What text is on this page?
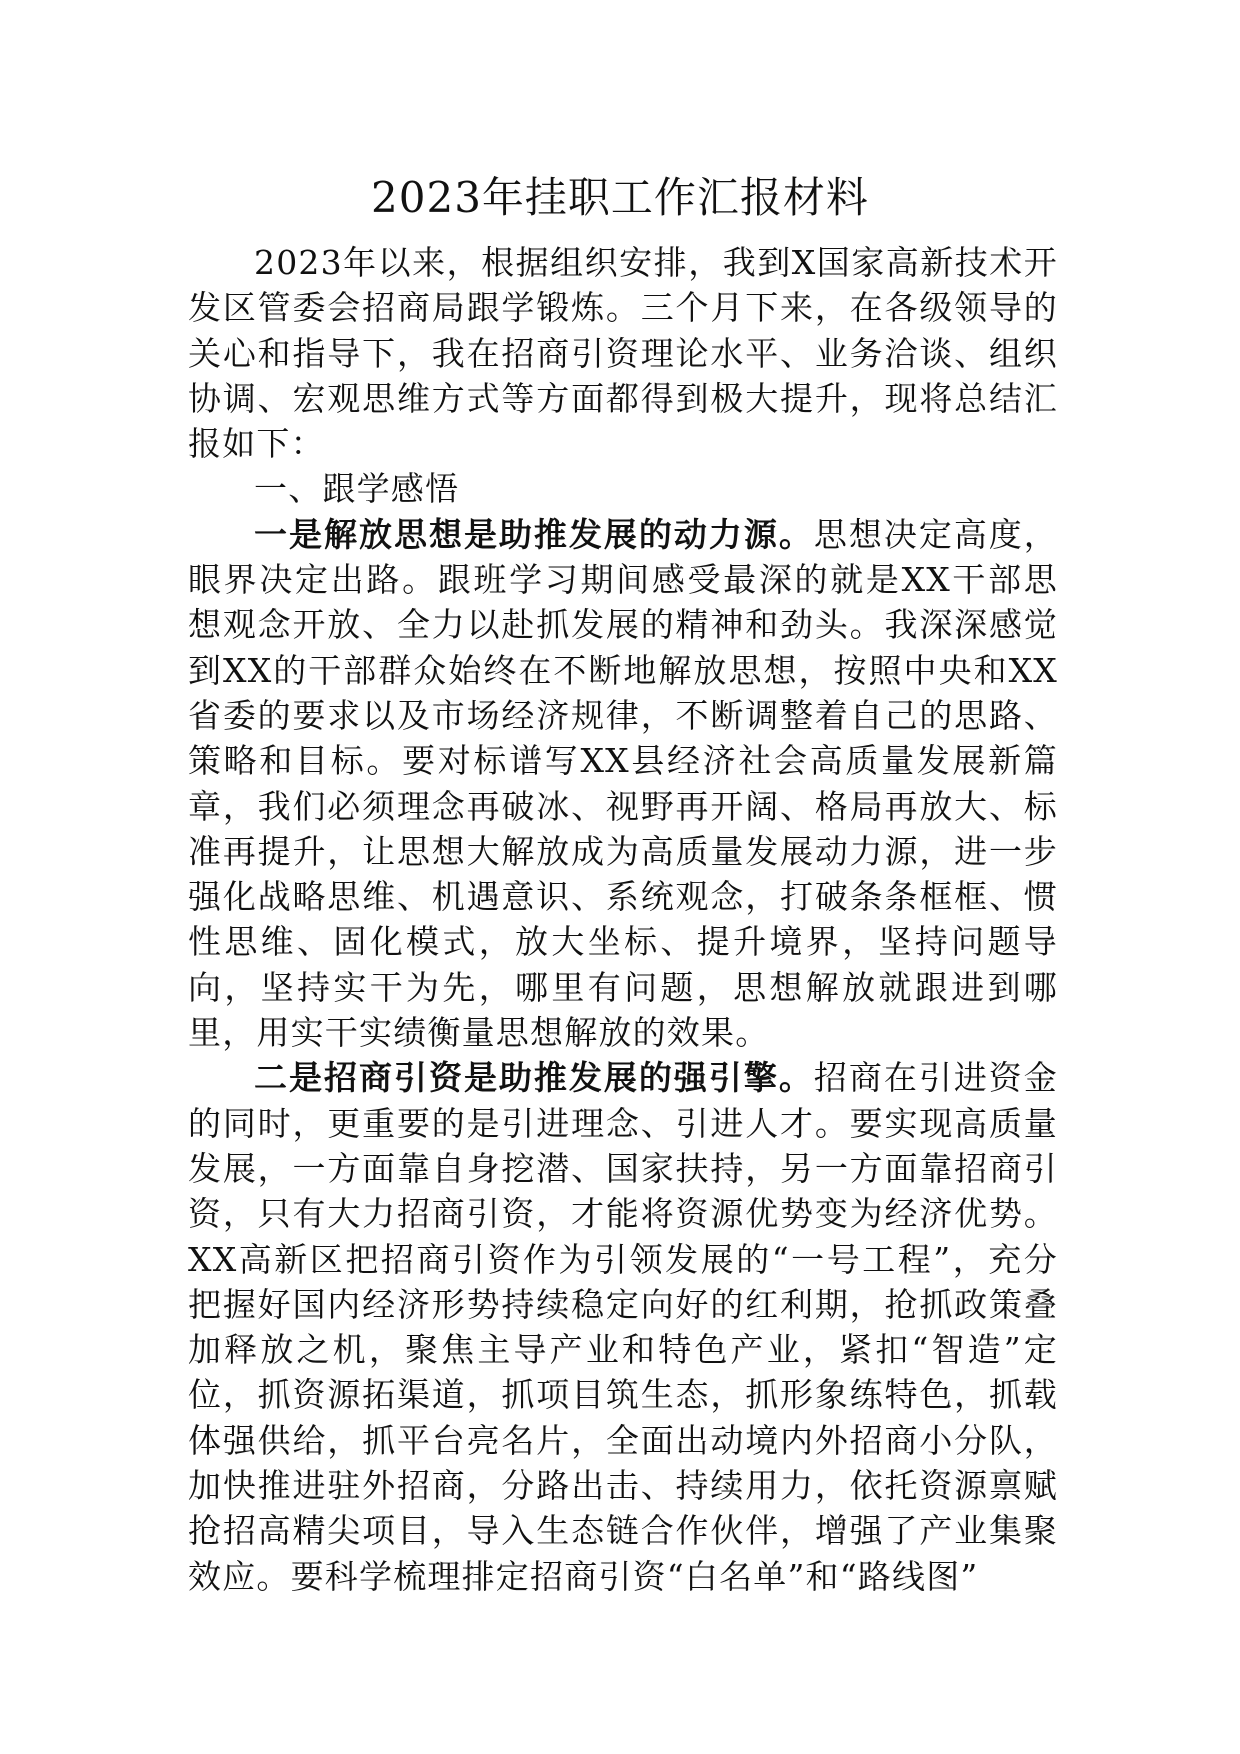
2023年挂职工作汇报材料

2023年以来，根据组织安排，我到X国家高新技术开发区管委会招商局跟学锻炼。三个月下来，在各级领导的关心和指导下，我在招商引资理论水平、业务洽谈、组织协调、宏观思维方式等方面都得到极大提升，现将总结汇报如下：

一、跟学感悟

一是解放思想是助推发展的动力源。思想决定高度，眼界决定出路。跟班学习期间感受最深的就是XX干部思想观念开放、全力以赴抓发展的精神和劲头。我深深感觉到XX的干部群众始终在不断地解放思想，按照中央和XX省委的要求以及市场经济规律，不断调整着自己的思路、策略和目标。要对标谱写XX县经济社会高质量发展新篇章，我们必须理念再破冰、视野再开阔、格局再放大、标准再提升，让思想大解放成为高质量发展动力源，进一步强化战略思维、机遇意识、系统观念，打破条条框框、惯性思维、固化模式，放大坐标、提升境界，坚持问题导向，坚持实干为先，哪里有问题，思想解放就跟进到哪里，用实干实绩衡量思想解放的效果。

二是招商引资是助推发展的强引擎。招商在引进资金的同时，更重要的是引进理念、引进人才。要实现高质量发展，一方面靠自身挖潜、国家扶持，另一方面靠招商引资，只有大力招商引资，才能将资源优势变为经济优势。XX高新区把招商引资作为引领发展的“一号工程”，充分把握好国内经济形势持续稳定向好的红利期，抢抓政策叠加释放之机，聚焦主导产业和特色产业，紧扣“智造”定位，抓资源拓渠道，抓项目筑生态，抓形象练特色，抓载体强供给，抓平台亮名片，全面出动境内外招商小分队，加快推进驻外招商，分路出击、持续用力，依托资源禀赋抢招高精尖项目，导入生态链合作伙伴，增强了产业集聚效应。要科学梳理排定招商引资“白名单”和“路线图”
